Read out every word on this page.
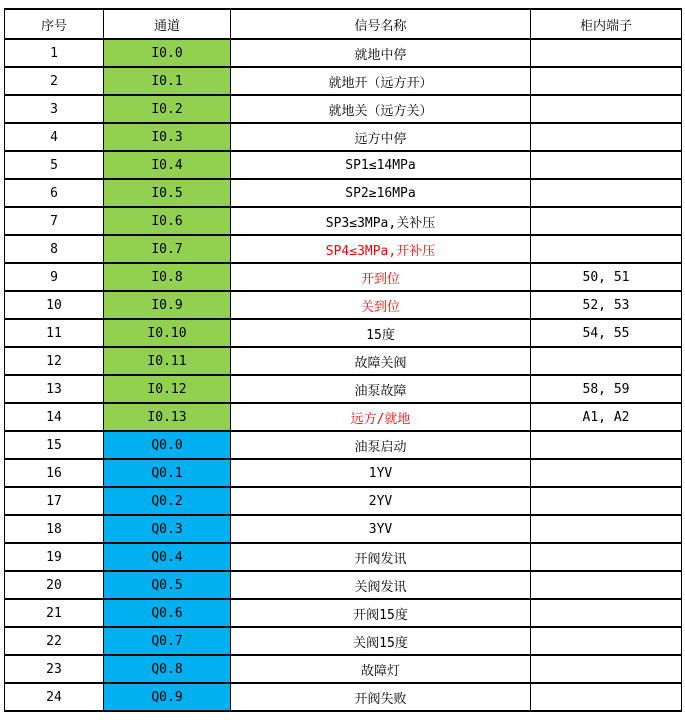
序号	通道	信号名称	柜内端子
1	I0.0	就地中停	
2	I0.1	就地开（远方开）	
3	I0.2	就地关（远方关）	
4	I0.3	远方中停	
5	I0.4	SP1≤14MPa	
6	I0.5	SP2≥16MPa	
7	I0.6	SP3≤3MPa,关补压	
8	I0.7	SP4≤3MPa,开补压	
9	I0.8	开到位	50, 51
10	I0.9	关到位	52, 53
11	I0.10	15度	54, 55
12	I0.11	故障关阀	
13	I0.12	油泵故障	58, 59
14	I0.13	远方/就地	A1, A2
15	Q0.0	油泵启动	
16	Q0.1	1YV	
17	Q0.2	2YV	
18	Q0.3	3YV	
19	Q0.4	开阀发讯	
20	Q0.5	关阀发讯	
21	Q0.6	开阀15度	
22	Q0.7	关阀15度	
23	Q0.8	故障灯	
24	Q0.9	开阀失败	
